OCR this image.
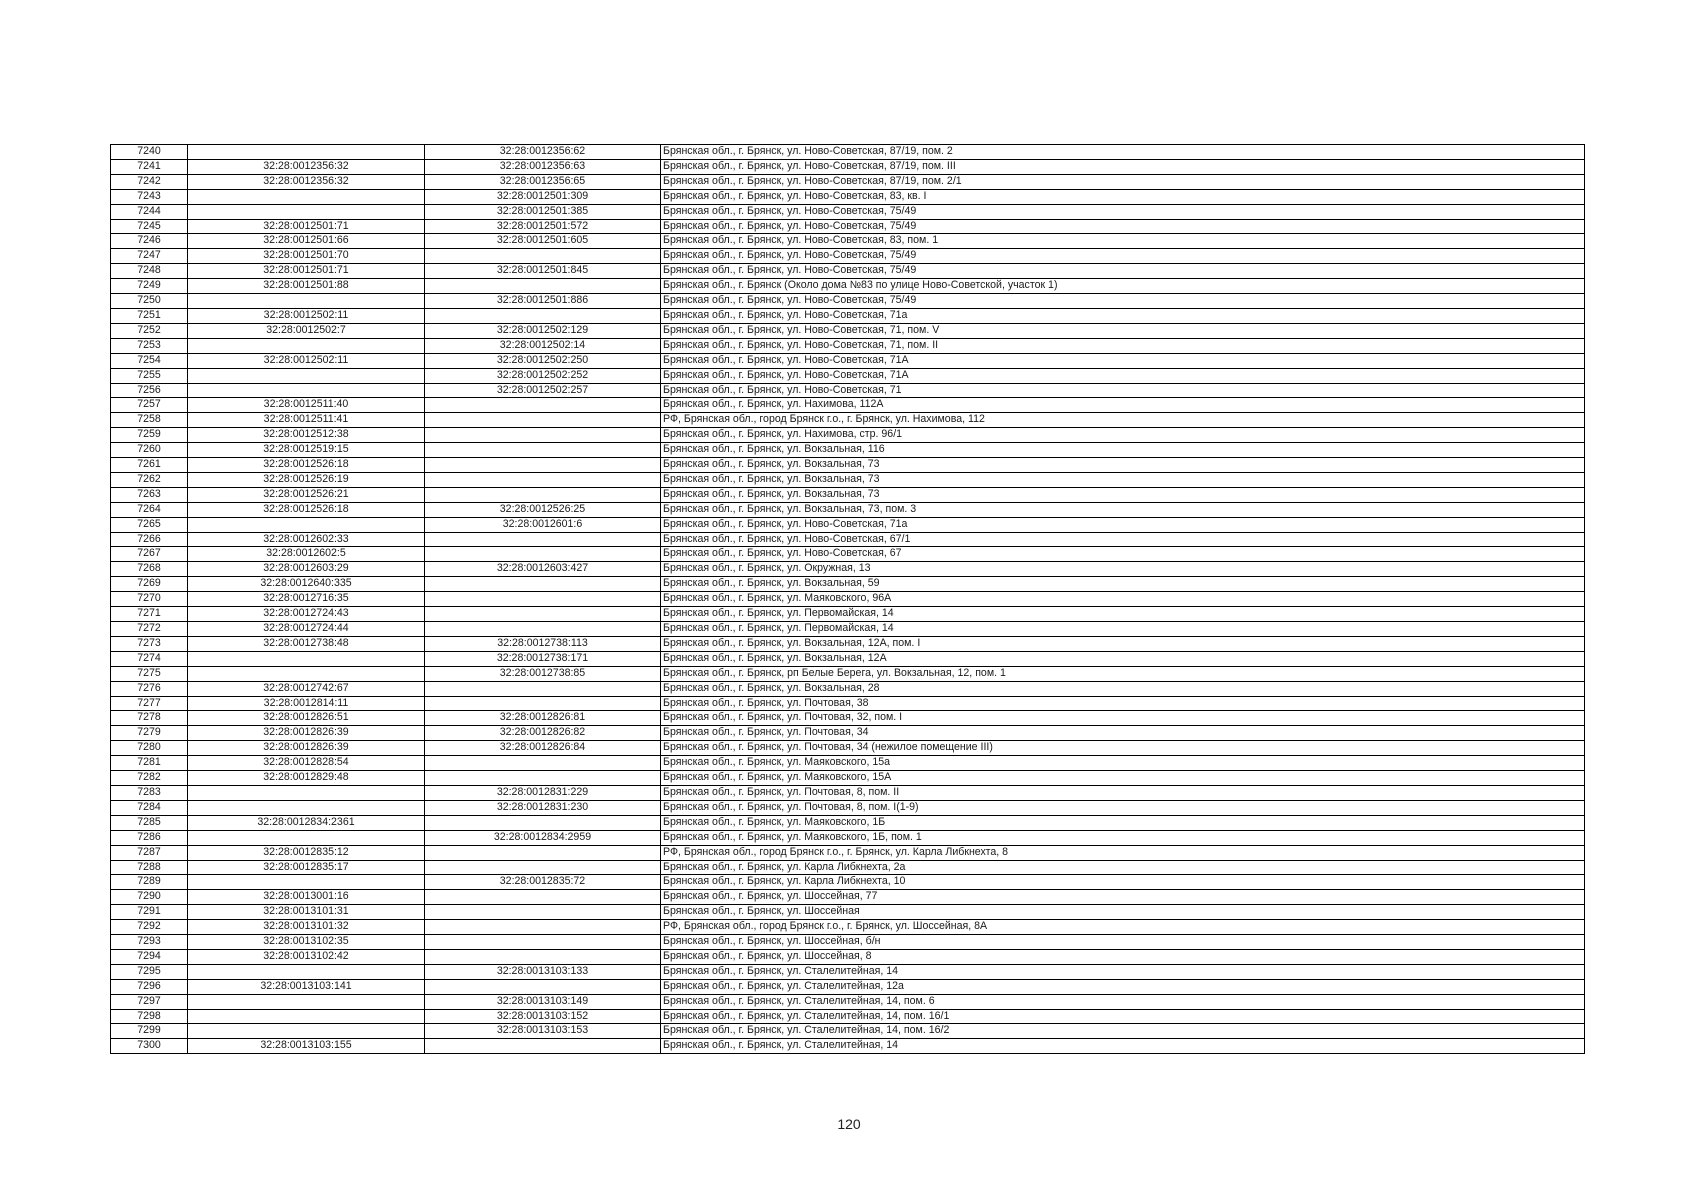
7240		32:28:0012356:62	Брянская обл., г. Брянск, ул. Ново-Советская, 87/19, пом. 2
7241	32:28:0012356:32	32:28:0012356:63	Брянская обл., г. Брянск, ул. Ново-Советская, 87/19, пом. III
7242	32:28:0012356:32	32:28:0012356:65	Брянская обл., г. Брянск, ул. Ново-Советская, 87/19, пом. 2/1
7243		32:28:0012501:309	Брянская обл., г. Брянск, ул. Ново-Советская, 83, кв. I
7244		32:28:0012501:385	Брянская обл., г. Брянск, ул. Ново-Советская, 75/49
7245	32:28:0012501:71	32:28:0012501:572	Брянская обл., г. Брянск, ул. Ново-Советская, 75/49
7246	32:28:0012501:66	32:28:0012501:605	Брянская обл., г. Брянск, ул. Ново-Советская, 83, пом. 1
7247	32:28:0012501:70		Брянская обл., г. Брянск, ул. Ново-Советская, 75/49
7248	32:28:0012501:71	32:28:0012501:845	Брянская обл., г. Брянск, ул. Ново-Советская, 75/49
7249	32:28:0012501:88		Брянская обл., г. Брянск (Около дома №83 по улице Ново-Советской, участок 1)
7250		32:28:0012501:886	Брянская обл., г. Брянск, ул. Ново-Советская, 75/49
7251	32:28:0012502:11		Брянская обл., г. Брянск, ул. Ново-Советская, 71а
7252	32:28:0012502:7	32:28:0012502:129	Брянская обл., г. Брянск, ул. Ново-Советская, 71, пом. V
7253		32:28:0012502:14	Брянская обл., г. Брянск, ул. Ново-Советская, 71, пом. II
7254	32:28:0012502:11	32:28:0012502:250	Брянская обл., г. Брянск, ул. Ново-Советская, 71А
7255		32:28:0012502:252	Брянская обл., г. Брянск, ул. Ново-Советская, 71А
7256		32:28:0012502:257	Брянская обл., г. Брянск, ул. Ново-Советская, 71
7257	32:28:0012511:40		Брянская обл., г. Брянск, ул. Нахимова, 112А
7258	32:28:0012511:41		РФ, Брянская обл., город Брянск г.о., г. Брянск, ул. Нахимова, 112
7259	32:28:0012512:38		Брянская обл., г. Брянск, ул. Нахимова, стр. 96/1
7260	32:28:0012519:15		Брянская обл., г. Брянск, ул. Вокзальная, 116
7261	32:28:0012526:18		Брянская обл., г. Брянск, ул. Вокзальная, 73
7262	32:28:0012526:19		Брянская обл., г. Брянск, ул. Вокзальная, 73
7263	32:28:0012526:21		Брянская обл., г. Брянск, ул. Вокзальная, 73
7264	32:28:0012526:18	32:28:0012526:25	Брянская обл., г. Брянск, ул. Вокзальная, 73, пом. 3
7265		32:28:0012601:6	Брянская обл., г. Брянск, ул. Ново-Советская, 71а
7266	32:28:0012602:33		Брянская обл., г. Брянск, ул. Ново-Советская, 67/1
7267	32:28:0012602:5		Брянская обл., г. Брянск, ул. Ново-Советская, 67
7268	32:28:0012603:29	32:28:0012603:427	Брянская обл., г. Брянск, ул. Окружная, 13
7269	32:28:0012640:335		Брянская обл., г. Брянск, ул. Вокзальная, 59
7270	32:28:0012716:35		Брянская обл., г. Брянск, ул. Маяковского, 96А
7271	32:28:0012724:43		Брянская обл., г. Брянск, ул. Первомайская, 14
7272	32:28:0012724:44		Брянская обл., г. Брянск, ул. Первомайская, 14
7273	32:28:0012738:48	32:28:0012738:113	Брянская обл., г. Брянск, ул. Вокзальная, 12А, пом. I
7274		32:28:0012738:171	Брянская обл., г. Брянск, ул. Вокзальная, 12А
7275		32:28:0012738:85	Брянская обл., г. Брянск, рп Белые Берега, ул. Вокзальная, 12, пом. 1
7276	32:28:0012742:67		Брянская обл., г. Брянск, ул. Вокзальная, 28
7277	32:28:0012814:11		Брянская обл., г. Брянск, ул. Почтовая, 38
7278	32:28:0012826:51	32:28:0012826:81	Брянская обл., г. Брянск, ул. Почтовая, 32, пом. I
7279	32:28:0012826:39	32:28:0012826:82	Брянская обл., г. Брянск, ул. Почтовая, 34
7280	32:28:0012826:39	32:28:0012826:84	Брянская обл., г. Брянск, ул. Почтовая, 34 (нежилое помещение III)
7281	32:28:0012828:54		Брянская обл., г. Брянск, ул. Маяковского, 15а
7282	32:28:0012829:48		Брянская обл., г. Брянск, ул. Маяковского, 15А
7283		32:28:0012831:229	Брянская обл., г. Брянск, ул. Почтовая, 8, пом. II
7284		32:28:0012831:230	Брянская обл., г. Брянск, ул. Почтовая, 8, пом. I(1-9)
7285	32:28:0012834:2361		Брянская обл., г. Брянск, ул. Маяковского, 1Б
7286		32:28:0012834:2959	Брянская обл., г. Брянск, ул. Маяковского, 1Б, пом. 1
7287	32:28:0012835:12		РФ, Брянская обл., город Брянск г.о., г. Брянск, ул. Карла Либкнехта, 8
7288	32:28:0012835:17		Брянская обл., г. Брянск, ул. Карла Либкнехта, 2а
7289		32:28:0012835:72	Брянская обл., г. Брянск, ул. Карла Либкнехта, 10
7290	32:28:0013001:16		Брянская обл., г. Брянск, ул. Шоссейная, 77
7291	32:28:0013101:31		Брянская обл., г. Брянск, ул. Шоссейная
7292	32:28:0013101:32		РФ, Брянская обл., город Брянск г.о., г. Брянск, ул. Шоссейная, 8А
7293	32:28:0013102:35		Брянская обл., г. Брянск, ул. Шоссейная, б/н
7294	32:28:0013102:42		Брянская обл., г. Брянск, ул. Шоссейная, 8
7295		32:28:0013103:133	Брянская обл., г. Брянск, ул. Сталелитейная, 14
7296	32:28:0013103:141		Брянская обл., г. Брянск, ул. Сталелитейная, 12а
7297		32:28:0013103:149	Брянская обл., г. Брянск, ул. Сталелитейная, 14, пом. 6
7298		32:28:0013103:152	Брянская обл., г. Брянск, ул. Сталелитейная, 14, пом. 16/1
7299		32:28:0013103:153	Брянская обл., г. Брянск, ул. Сталелитейная, 14, пом. 16/2
7300	32:28:0013103:155		Брянская обл., г. Брянск, ул. Сталелитейная, 14
120
